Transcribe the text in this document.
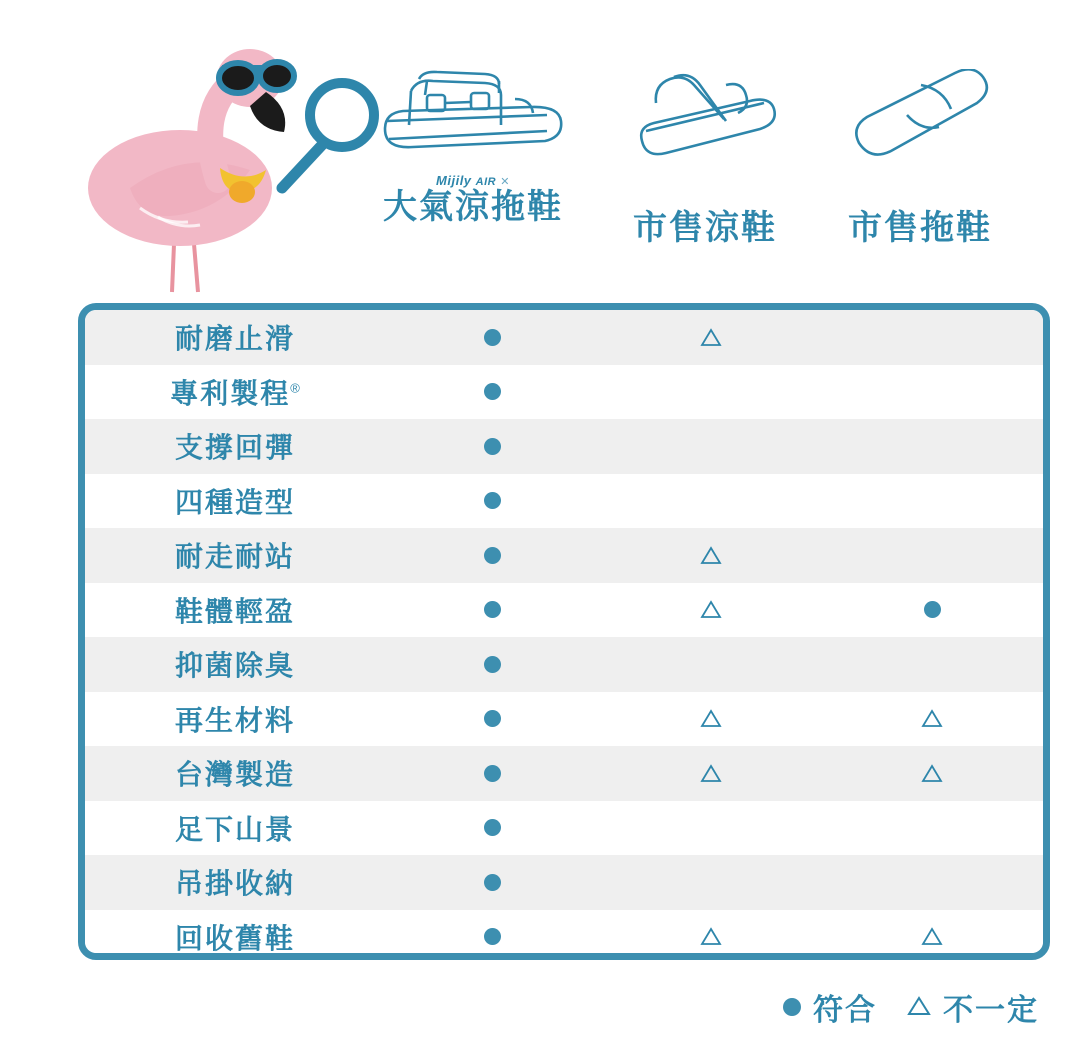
Mijily AIR ✕
大氣涼拖鞋
市售涼鞋	市售拖鞋
耐磨止滑
專利製程®
支撐回彈
四種造型
耐走耐站
鞋體輕盈
抑菌除臭
再生材料
台灣製造
足下山景
吊掛收納
回收舊鞋
符合 不一定
